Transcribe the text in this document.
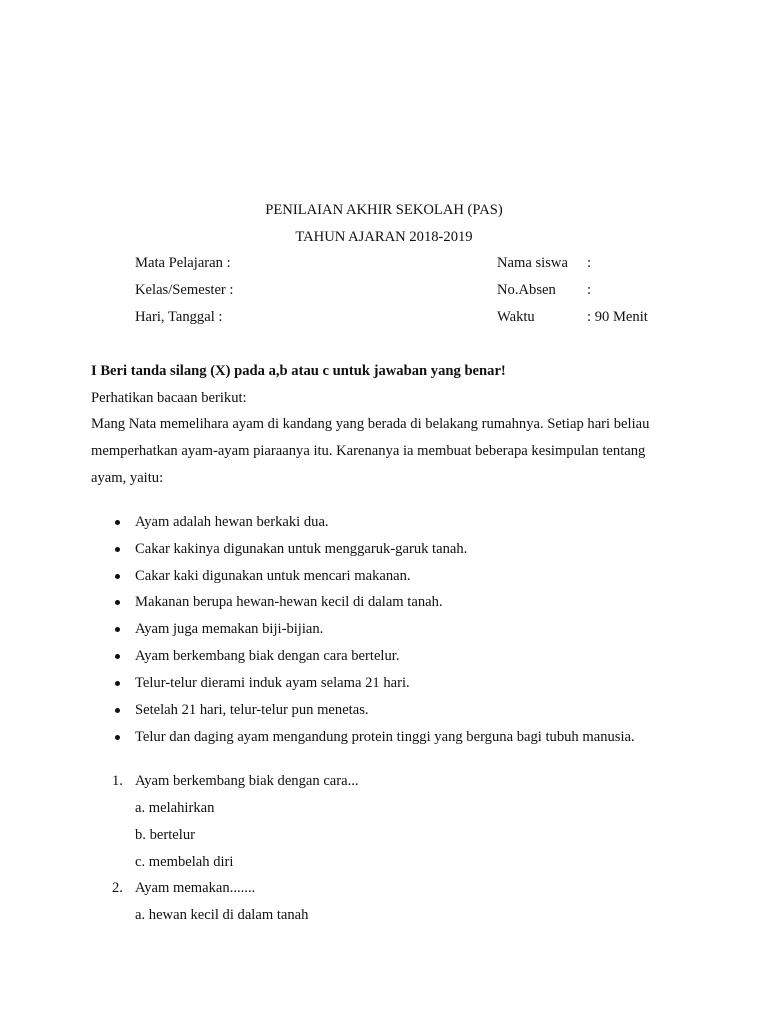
PENILAIAN AKHIR SEKOLAH (PAS)
TAHUN AJARAN 2018-2019
Mata Pelajaran :
Kelas/Semester :
Hari, Tanggal :
Nama siswa :
No.Absen :
Waktu	: 90 Menit
I Beri tanda silang (X) pada a,b atau c untuk jawaban yang benar!
Perhatikan bacaan berikut:
Mang Nata memelihara ayam di kandang yang berada di belakang rumahnya. Setiap hari beliau
memperhatkan ayam-ayam piaraanya itu. Karenanya ia membuat beberapa kesimpulan tentang
ayam, yaitu:
Ayam adalah hewan berkaki dua.
Cakar kakinya digunakan untuk menggaruk-garuk tanah.
Cakar kaki digunakan untuk mencari makanan.
Makanan berupa hewan-hewan kecil di dalam tanah.
Ayam juga memakan biji-bijian.
Ayam berkembang biak dengan cara bertelur.
Telur-telur dierami induk ayam selama 21 hari.
Setelah 21 hari, telur-telur pun menetas.
Telur dan daging ayam mengandung protein tinggi yang berguna bagi tubuh manusia.
1. Ayam berkembang biak dengan cara...
a. melahirkan
b. bertelur
c. membelah diri
2. Ayam memakan.......
a. hewan kecil di dalam tanah
